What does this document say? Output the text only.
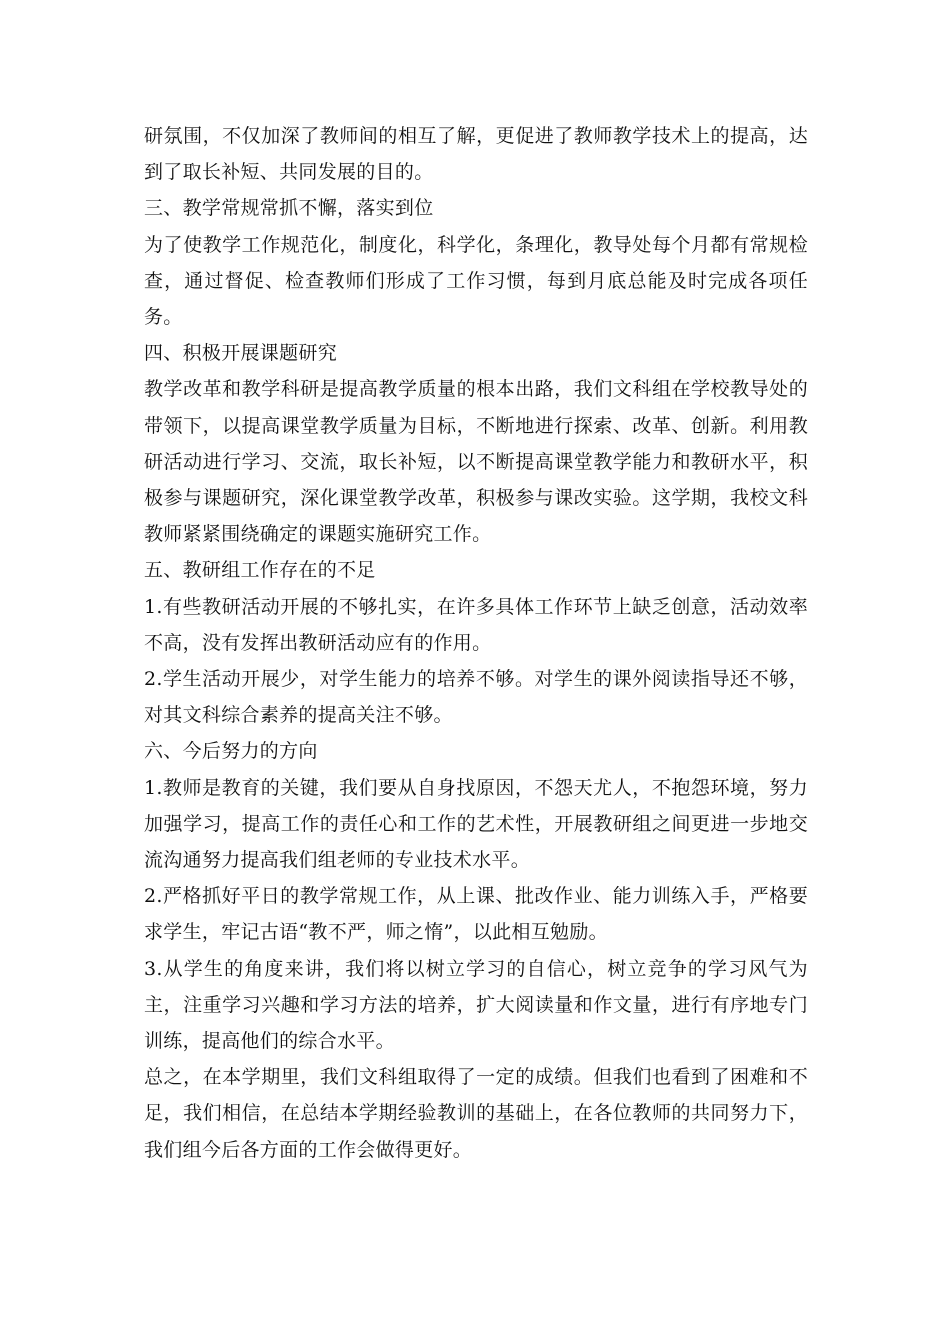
研氛围，不仅加深了教师间的相互了解，更促进了教师教学技术上的提高，达到了取长补短、共同发展的目的。

三、教学常规常抓不懈，落实到位

为了使教学工作规范化，制度化，科学化，条理化，教导处每个月都有常规检查，通过督促、检查教师们形成了工作习惯，每到月底总能及时完成各项任务。

四、积极开展课题研究

教学改革和教学科研是提高教学质量的根本出路，我们文科组在学校教导处的带领下，以提高课堂教学质量为目标，不断地进行探索、改革、创新。利用教研活动进行学习、交流，取长补短，以不断提高课堂教学能力和教研水平，积极参与课题研究，深化课堂教学改革，积极参与课改实验。这学期，我校文科教师紧紧围绕确定的课题实施研究工作。

五、教研组工作存在的不足

1.有些教研活动开展的不够扎实，在许多具体工作环节上缺乏创意，活动效率不高，没有发挥出教研活动应有的作用。

2.学生活动开展少，对学生能力的培养不够。对学生的课外阅读指导还不够，对其文科综合素养的提高关注不够。

六、今后努力的方向

1.教师是教育的关键，我们要从自身找原因，不怨天尤人，不抱怨环境，努力加强学习，提高工作的责任心和工作的艺术性，开展教研组之间更进一步地交流沟通努力提高我们组老师的专业技术水平。

2.严格抓好平日的教学常规工作，从上课、批改作业、能力训练入手，严格要求学生，牢记古语“教不严，师之惰”，以此相互勉励。

3.从学生的角度来讲，我们将以树立学习的自信心，树立竞争的学习风气为主，注重学习兴趣和学习方法的培养，扩大阅读量和作文量，进行有序地专门训练，提高他们的综合水平。

总之，在本学期里，我们文科组取得了一定的成绩。但我们也看到了困难和不足，我们相信，在总结本学期经验教训的基础上，在各位教师的共同努力下，我们组今后各方面的工作会做得更好。
